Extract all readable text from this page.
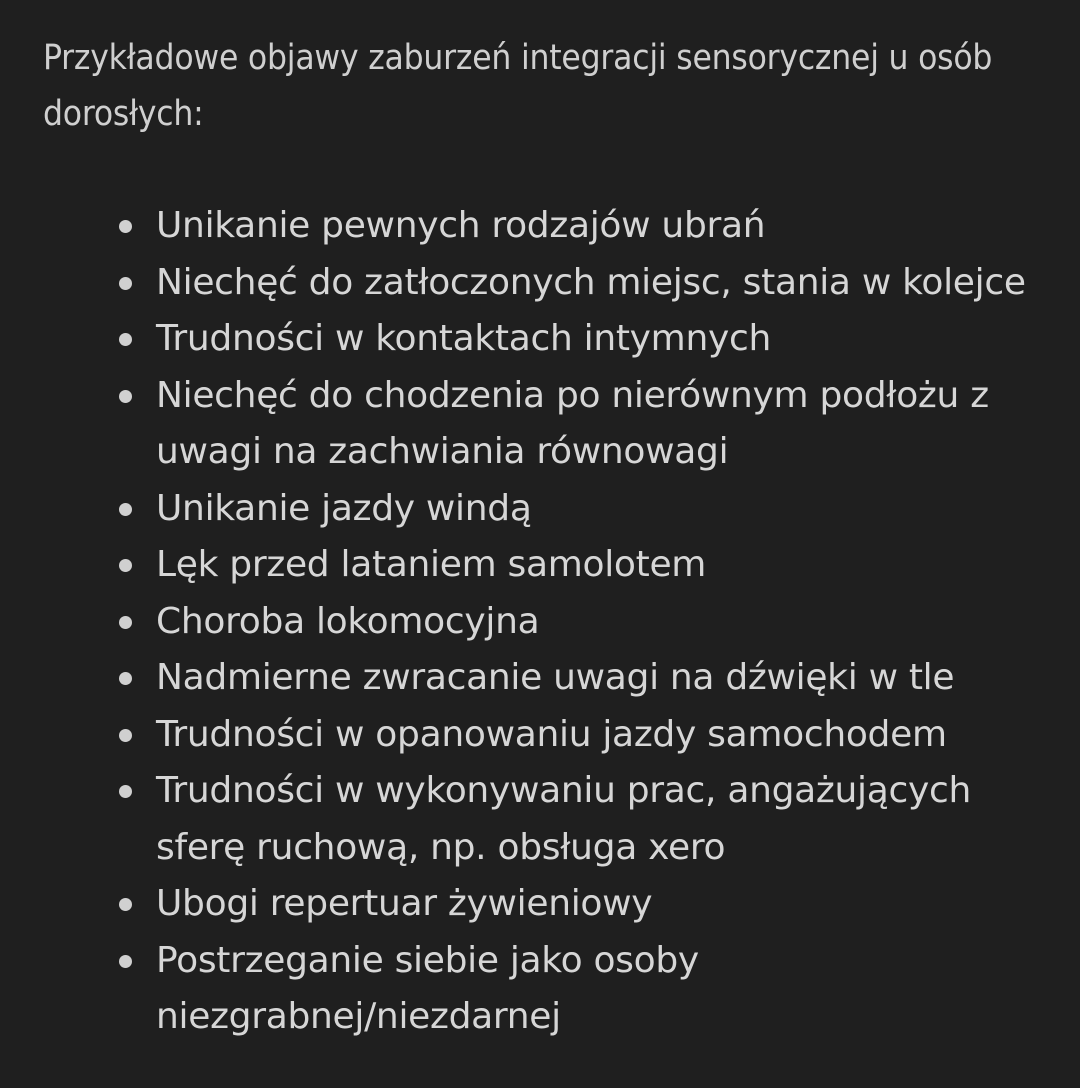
Przykładowe objawy zaburzeń integracji sensorycznej u osób dorosłych:

Unikanie pewnych rodzajów ubrań
Niechęć do zatłoczonych miejsc, stania w kolejce
Trudności w kontaktach intymnych
Niechęć do chodzenia po nierównym podłożu z uwagi na zachwiania równowagi
Unikanie jazdy windą
Lęk przed lataniem samolotem
Choroba lokomocyjna
Nadmierne zwracanie uwagi na dźwięki w tle
Trudności w opanowaniu jazdy samochodem
Trudności w wykonywaniu prac, angażujących sferę ruchową, np. obsługa xero
Ubogi repertuar żywieniowy
Postrzeganie siebie jako osoby niezgrabnej/niezdarnej
